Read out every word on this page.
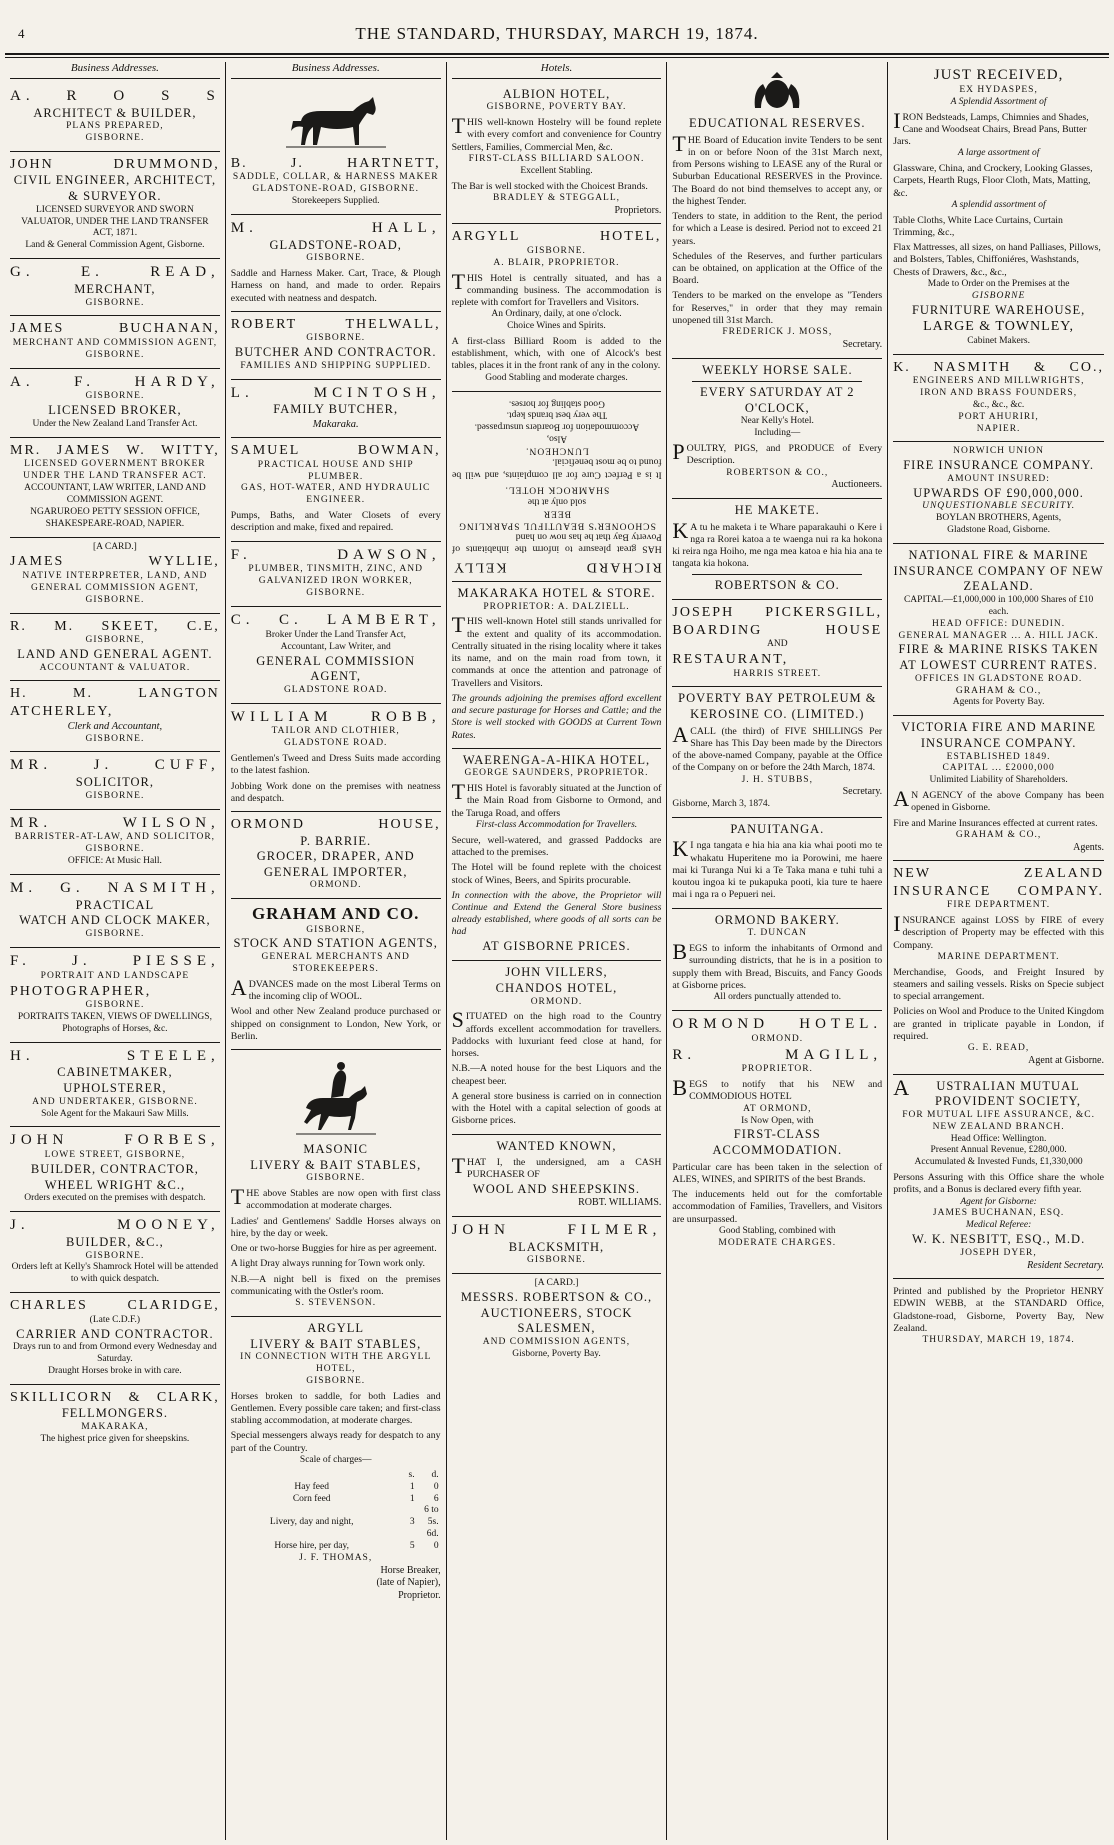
4	THE STANDARD, THURSDAY, MARCH 19, 1874.
Business Addresses.
A. R O S S
ARCHITECT & BUILDER,
PLANS PREPARED,
GISBORNE.
JOHN DRUMMOND,
CIVIL ENGINEER, ARCHITECT, & SURVEYOR.
LICENSED SURVEYOR AND SWORN VALUATOR, UNDER THE LAND TRANSFER ACT, 1871.
Land & General Commission Agent, Gisborne.
G. E. READ,
MERCHANT,
GISBORNE.
JAMES BUCHANAN,
MERCHANT AND COMMISSION AGENT,
GISBORNE.
A. F. HARDY,
GISBORNE.
LICENSED BROKER,
Under the New Zealand Land Transfer Act.
MR. JAMES W. WITTY,
LICENSED GOVERNMENT BROKER
UNDER THE LAND TRANSFER ACT.
ACCOUNTANT, LAW WRITER, LAND AND COMMISSION AGENT.
NGARUROEO PETTY SESSION OFFICE, SHAKESPEARE-ROAD, NAPIER.
[A CARD.]
JAMES WYLLIE,
NATIVE INTERPRETER, LAND, AND GENERAL COMMISSION AGENT,
GISBORNE.
R. M. SKEET, C.E,
GISBORNE,
LAND AND GENERAL AGENT.
ACCOUNTANT & VALUATOR.
H. M. LANGTON ATCHERLEY,
Clerk and Accountant,
GISBORNE.
MR. J. CUFF,
SOLICITOR,
GISBORNE.
MR. WILSON,
BARRISTER-AT-LAW, AND SOLICITOR,
GISBORNE.
OFFICE: At Music Hall.
M. G. NASMITH,
PRACTICAL
WATCH AND CLOCK MAKER,
GISBORNE.
F. J. PIESSE,
PORTRAIT AND LANDSCAPE
PHOTOGRAPHER,
GISBORNE.
PORTRAITS TAKEN, VIEWS OF DWELLINGS, Photographs of Horses, &c.
H. STEELE,
CABINETMAKER, UPHOLSTERER,
AND UNDERTAKER, GISBORNE.
Sole Agent for the Makauri Saw Mills.
JOHN FORBES,
LOWE STREET, GISBORNE,
BUILDER, CONTRACTOR, WHEEL WRIGHT &C.,
Orders executed on the premises with despatch.
J. MOONEY,
BUILDER, &C.,
GISBORNE.
Orders left at Kelly's Shamrock Hotel will be attended to with quick despatch.
CHARLES CLARIDGE,
(Late C.D.F.)
CARRIER AND CONTRACTOR.
Drays run to and from Ormond every Wednesday and Saturday.
Draught Horses broke in with care.
SKILLICORN & CLARK,
FELLMONGERS.
MAKARAKA,
The highest price given for sheepskins.
Business Addresses.
B. J. HARTNETT,
SADDLE, COLLAR, & HARNESS MAKER
GLADSTONE-ROAD, GISBORNE.
Storekeepers Supplied.
M. HALL,
GLADSTONE-ROAD,
GISBORNE.
Saddle and Harness Maker. Cart, Trace, & Plough Harness on hand, and made to order. Repairs executed with neatness and despatch.
ROBERT THELWALL,
GISBORNE.
BUTCHER AND CONTRACTOR.
FAMILIES AND SHIPPING SUPPLIED.
L. MCINTOSH,
FAMILY BUTCHER,
Makaraka.
SAMUEL BOWMAN,
PRACTICAL HOUSE AND SHIP PLUMBER.
GAS, HOT-WATER, AND HYDRAULIC ENGINEER.
Pumps, Baths, and Water Closets of every description and make, fixed and repaired.
F. DAWSON,
PLUMBER, TINSMITH, ZINC, AND GALVANIZED IRON WORKER,
GISBORNE.
C. C. LAMBERT,
Broker Under the Land Transfer Act,
Accountant, Law Writer, and
GENERAL COMMISSION AGENT,
GLADSTONE ROAD.
WILLIAM ROBB,
TAILOR AND CLOTHIER,
GLADSTONE ROAD.
Gentlemen's Tweed and Dress Suits made according to the latest fashion.
Jobbing Work done on the premises with neatness and despatch.
ORMOND HOUSE,
P. BARRIE.
GROCER, DRAPER, AND GENERAL IMPORTER,
ORMOND.
GRAHAM AND CO.
GISBORNE,
STOCK AND STATION AGENTS,
GENERAL MERCHANTS AND STOREKEEPERS.
ADVANCES made on the most Liberal Terms on the incoming clip of WOOL.
Wool and other New Zealand produce purchased or shipped on consignment to London, New York, or Berlin.
MASONIC
LIVERY & BAIT STABLES,
GISBORNE.
THE above Stables are now open with first class accommodation at moderate charges.
Ladies' and Gentlemens' Saddle Horses always on hire, by the day or week.
One or two-horse Buggies for hire as per agreement.
A light Dray always running for Town work only.
N.B.—A night bell is fixed on the premises communicating with the Ostler's room.
S. STEVENSON.
ARGYLL
LIVERY & BAIT STABLES,
IN CONNECTION WITH THE ARGYLL HOTEL,
GISBORNE.
Horses broken to saddle, for both Ladies and Gentlemen. Every possible care taken; and first-class stabling accommodation, at moderate charges.
Special messengers always ready for despatch to any part of the Country.
Scale of charges—
	s.	d.
Hay feed	1	0
Corn feed	1	6
Livery, day and night,	3	6 to 5s. 6d.
Horse hire, per day,	5	0
J. F. THOMAS,
Horse Breaker,
(late of Napier),
Proprietor.
Hotels.
ALBION HOTEL,
GISBORNE, POVERTY BAY.
THIS well-known Hostelry will be found replete with every comfort and convenience for Country Settlers, Families, Commercial Men, &c.
FIRST-CLASS BILLIARD SALOON.
Excellent Stabling.
The Bar is well stocked with the Choicest Brands.
BRADLEY & STEGGALL,
Proprietors.
ARGYLL HOTEL,
GISBORNE.
A. BLAIR, PROPRIETOR.
THIS Hotel is centrally situated, and has a commanding business. The accommodation is replete with comfort for Travellers and Visitors.
An Ordinary, daily, at one o'clock.
Choice Wines and Spirits.
A first-class Billiard Room is added to the establishment, which, with one of Alcock's best tables, places it in the front rank of any in the colony.
Good Stabling and moderate charges.
RICHARD KELLY
HAS great pleasure to inform the inhabitants of Poverty Bay that he has now on hand
SCHOONER'S BEAUTIFUL SPARKLING BEER
sold only at the
SHAMROCK HOTEL.
It is a Perfect Cure for all complaints, and will be found to be most beneficial.
LUNCHEON.
Also,
Accommodation for Boarders unsurpassed.
The very best brands kept.
Good stabling for horses.
MAKARAKA HOTEL & STORE.
PROPRIETOR: A. DALZIELL.
THIS well-known Hotel still stands unrivalled for the extent and quality of its accommodation. Centrally situated in the rising locality where it takes its name, and on the main road from town, it commands at once the attention and patronage of Travellers and Visitors.
The grounds adjoining the premises afford excellent and secure pasturage for Horses and Cattle; and the Store is well stocked with GOODS at Current Town Rates.
WAERENGA-A-HIKA HOTEL,
GEORGE SAUNDERS, PROPRIETOR.
THIS Hotel is favorably situated at the Junction of the Main Road from Gisborne to Ormond, and the Taruga Road, and offers
First-class Accommodation for Travellers.
Secure, well-watered, and grassed Paddocks are attached to the premises.
The Hotel will be found replete with the choicest stock of Wines, Beers, and Spirits procurable.
In connection with the above, the Proprietor will Continue and Extend the General Store business already established, where goods of all sorts can be had
AT GISBORNE PRICES.
JOHN VILLERS,
CHANDOS HOTEL,
ORMOND.
SITUATED on the high road to the Country affords excellent accommodation for travellers. Paddocks with luxuriant feed close at hand, for horses.
N.B.—A noted house for the best Liquors and the cheapest beer.
A general store business is carried on in connection with the Hotel with a capital selection of goods at Gisborne prices.
WANTED KNOWN,
THAT I, the undersigned, am a CASH PURCHASER OF
WOOL AND SHEEPSKINS.
ROBT. WILLIAMS.
JOHN FILMER,
BLACKSMITH,
GISBORNE.
[A CARD.]
MESSRS. ROBERTSON & CO.,
AUCTIONEERS, STOCK SALESMEN,
AND COMMISSION AGENTS,
Gisborne, Poverty Bay.
EDUCATIONAL RESERVES.
THE Board of Education invite Tenders to be sent in on or before Noon of the 31st March next, from Persons wishing to LEASE any of the Rural or Suburban Educational RESERVES in the Province. The Board do not bind themselves to accept any, or the highest Tender.
Tenders to state, in addition to the Rent, the period for which a Lease is desired. Period not to exceed 21 years.
Schedules of the Reserves, and further particulars can be obtained, on application at the Office of the Board.
Tenders to be marked on the envelope as "Tenders for Reserves," in order that they may remain unopened till 31st March.
FREDERICK J. MOSS,
Secretary.
WEEKLY HORSE SALE.
EVERY SATURDAY AT 2 O'CLOCK,
Near Kelly's Hotel.
Including—
POULTRY, PIGS, and PRODUCE of Every Description.
ROBERTSON & CO.,
Auctioneers.
HE MAKETE.
KA tu he maketa i te Whare paparakauhi o Kere i nga ra Rorei katoa a te waenga nui ra ka hokona ki reira nga Hoiho, me nga mea katoa e hia hia ana te tangata kia hokona.
ROBERTSON & CO.
JOSEPH PICKERSGILL,
BOARDING HOUSE
AND
RESTAURANT,
HARRIS STREET.
POVERTY BAY PETROLEUM & KEROSINE CO. (LIMITED.)
ACALL (the third) of FIVE SHILLINGS Per Share has This Day been made by the Directors of the above-named Company, payable at the Office of the Company on or before the 24th March, 1874.
J. H. STUBBS,
Secretary.
Gisborne, March 3, 1874.
PANUITANGA.
KI nga tangata e hia hia ana kia whai pooti mo te whakatu Huperitene mo ia Porowini, me haere mai ki Turanga Nui ki a Te Taka mana e tuhi tuhi a koutou ingoa ki te pukapuka pooti, kia ture te haere mai i nga ra o Pepueri nei.
ORMOND BAKERY.
T. DUNCAN
BEGS to inform the inhabitants of Ormond and surrounding districts, that he is in a position to supply them with Bread, Biscuits, and Fancy Goods at Gisborne prices.
All orders punctually attended to.
ORMOND HOTEL.
ORMOND.
R. MAGILL,
PROPRIETOR.
BEGS to notify that his NEW and COMMODIOUS HOTEL
AT ORMOND,
Is Now Open, with
FIRST-CLASS ACCOMMODATION.
Particular care has been taken in the selection of ALES, WINES, and SPIRITS of the best Brands.
The inducements held out for the comfortable accommodation of Families, Travellers, and Visitors are unsurpassed.
Good Stabling, combined with
MODERATE CHARGES.
JUST RECEIVED,
EX HYDASPES,
A Splendid Assortment of
IRON Bedsteads, Lamps, Chimnies and Shades, Cane and Woodseat Chairs, Bread Pans, Butter Jars.
A large assortment of
Glassware, China, and Crockery, Looking Glasses, Carpets, Hearth Rugs, Floor Cloth, Mats, Matting, &c.
A splendid assortment of
Table Cloths, White Lace Curtains, Curtain Trimming, &c.,
Flax Mattresses, all sizes, on hand Palliases, Pillows, and Bolsters, Tables, Chiffoniéres, Washstands, Chests of Drawers, &c., &c.,
Made to Order on the Premises at the
GISBORNE
FURNITURE WAREHOUSE,
LARGE & TOWNLEY,
Cabinet Makers.
K. NASMITH & CO.,
ENGINEERS AND MILLWRIGHTS,
IRON AND BRASS FOUNDERS,
&c., &c., &c.
PORT AHURIRI,
NAPIER.
NORWICH UNION
FIRE INSURANCE COMPANY.
AMOUNT INSURED:
UPWARDS OF £90,000,000.
UNQUESTIONABLE SECURITY.
BOYLAN BROTHERS, Agents,
Gladstone Road, Gisborne.
NATIONAL FIRE & MARINE INSURANCE COMPANY OF NEW ZEALAND.
CAPITAL—£1,000,000 in 100,000 Shares of £10 each.
HEAD OFFICE: DUNEDIN.
GENERAL MANAGER ... A. HILL JACK.
FIRE & MARINE RISKS TAKEN AT LOWEST CURRENT RATES.
OFFICES IN GLADSTONE ROAD.
GRAHAM & CO.,
Agents for Poverty Bay.
VICTORIA FIRE AND MARINE INSURANCE COMPANY.
ESTABLISHED 1849.
CAPITAL ... £2000,000
Unlimited Liability of Shareholders.
AN AGENCY of the above Company has been opened in Gisborne.
Fire and Marine Insurances effected at current rates.
GRAHAM & CO.,
Agents.
NEW ZEALAND
INSURANCE COMPANY.
FIRE DEPARTMENT.
INSURANCE against LOSS by FIRE of every description of Property may be effected with this Company.
MARINE DEPARTMENT.
Merchandise, Goods, and Freight Insured by steamers and sailing vessels. Risks on Specie subject to special arrangement.
Policies on Wool and Produce to the United Kingdom are granted in triplicate payable in London, if required.
G. E. READ,
Agent at Gisborne.
AUSTRALIAN MUTUAL PROVIDENT SOCIETY,
FOR MUTUAL LIFE ASSURANCE, &C.
NEW ZEALAND BRANCH.
Head Office: Wellington.
Present Annual Revenue, £280,000.
Accumulated & Invested Funds, £1,330,000
Persons Assuring with this Office share the whole profits, and a Bonus is declared every fifth year.
Agent for Gisborne:
JAMES BUCHANAN, ESQ.
Medical Referee:
W. K. NESBITT, ESQ., M.D.
JOSEPH DYER,
Resident Secretary.
Printed and published by the Proprietor HENRY EDWIN WEBB, at the STANDARD Office, Gladstone-road, Gisborne, Poverty Bay, New Zealand.
THURSDAY, MARCH 19, 1874.
